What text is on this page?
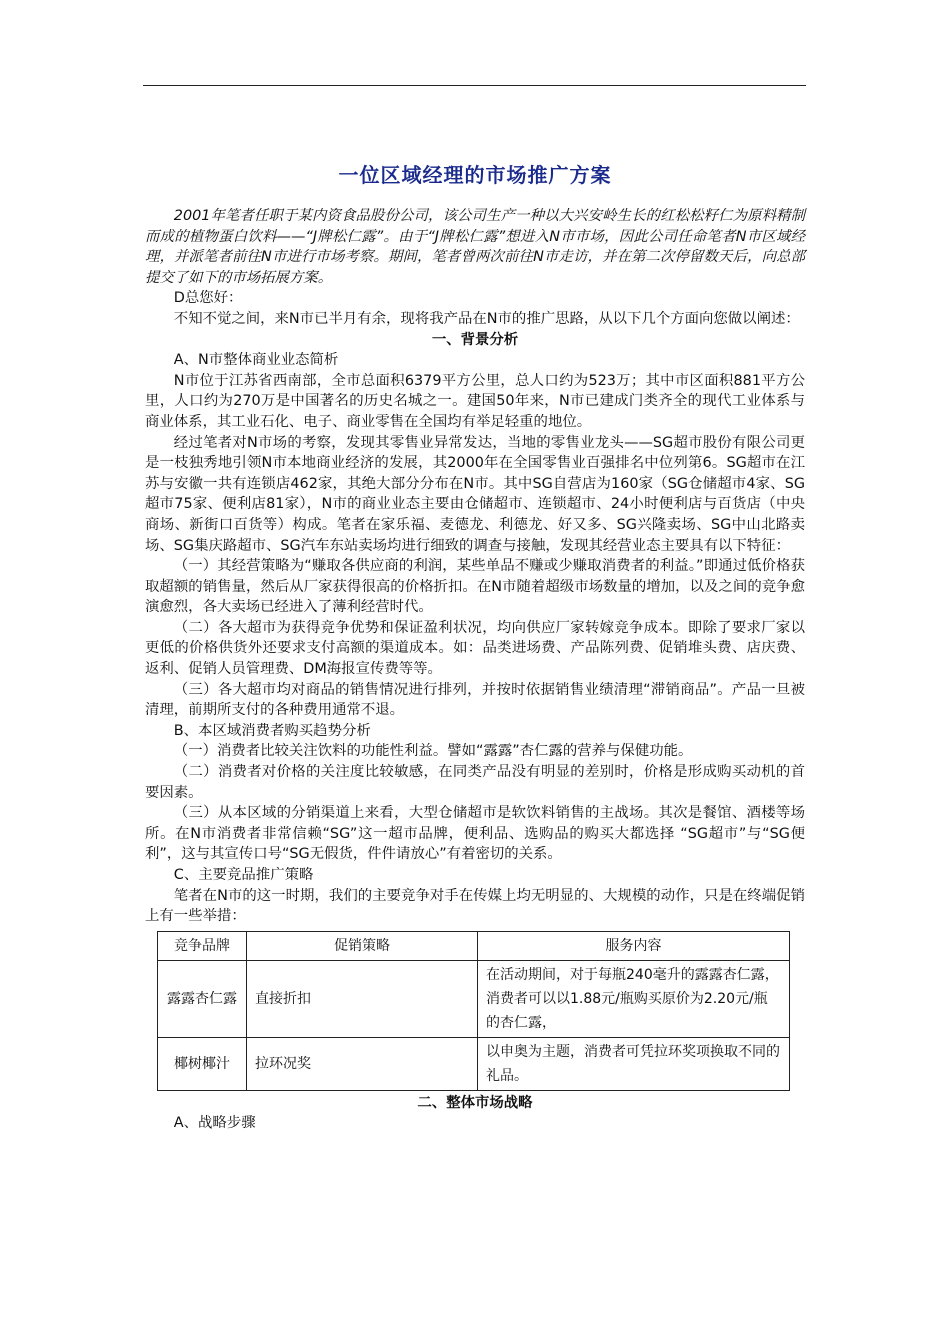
一位区域经理的市场推广方案

2001年笔者任职于某内资食品股份公司，该公司生产一种以大兴安岭生长的红松松籽仁为原料精制而成的植物蛋白饮料——“J牌松仁露”。由于“J牌松仁露”想进入N市市场，因此公司任命笔者N市区域经理，并派笔者前往N市进行市场考察。期间，笔者曾两次前往N市走访，并在第二次停留数天后，向总部提交了如下的市场拓展方案。

D总您好：

不知不觉之间，来N市已半月有余，现将我产品在N市的推广思路，从以下几个方面向您做以阐述：

一、背景分析

A、N市整体商业业态简析

N市位于江苏省西南部，全市总面积6379平方公里，总人口约为523万；其中市区面积881平方公里，人口约为270万是中国著名的历史名城之一。建国50年来，N市已建成门类齐全的现代工业体系与商业体系，其工业石化、电子、商业零售在全国均有举足轻重的地位。

经过笔者对N市场的考察，发现其零售业异常发达，当地的零售业龙头——SG超市股份有限公司更是一枝独秀地引领N市本地商业经济的发展，其2000年在全国零售业百强排名中位列第6。SG超市在江苏与安徽一共有连锁店462家，其绝大部分分布在N市。其中SG自营店为160家（SG仓储超市4家、SG超市75家、便利店81家），N市的商业业态主要由仓储超市、连锁超市、24小时便利店与百货店（中央商场、新街口百货等）构成。笔者在家乐福、麦德龙、利德龙、好又多、SG兴隆卖场、SG中山北路卖场、SG集庆路超市、SG汽车东站卖场均进行细致的调查与接触，发现其经营业态主要具有以下特征：

（一）其经营策略为“赚取各供应商的利润，某些单品不赚或少赚取消费者的利益。”即通过低价格获取超额的销售量，然后从厂家获得很高的价格折扣。在N市随着超级市场数量的增加，以及之间的竞争愈演愈烈，各大卖场已经进入了薄利经营时代。

（二）各大超市为获得竞争优势和保证盈利状况，均向供应厂家转嫁竞争成本。即除了要求厂家以更低的价格供货外还要求支付高额的渠道成本。如：品类进场费、产品陈列费、促销堆头费、店庆费、返利、促销人员管理费、DM海报宣传费等等。

（三）各大超市均对商品的销售情况进行排列，并按时依据销售业绩清理“滞销商品”。产品一旦被清理，前期所支付的各种费用通常不退。

B、本区域消费者购买趋势分析

（一）消费者比较关注饮料的功能性利益。譬如“露露”杏仁露的营养与保健功能。

（二）消费者对价格的关注度比较敏感，在同类产品没有明显的差别时，价格是形成购买动机的首要因素。

（三）从本区域的分销渠道上来看，大型仓储超市是软饮料销售的主战场。其次是餐馆、酒楼等场所。在N市消费者非常信赖“SG”这一超市品牌，便利品、选购品的购买大都选择 “SG超市”与“SG便利”，这与其宣传口号“SG无假货，件件请放心”有着密切的关系。

C、主要竞品推广策略

笔者在N市的这一时期，我们的主要竞争对手在传媒上均无明显的、大规模的动作，只是在终端促销上有一些举措：

竞争品牌	促销策略	服务内容
露露杏仁露	直接折扣	在活动期间，对于每瓶240毫升的露露杏仁露，消费者可以以1.88元/瓶购买原价为2.20元/瓶的杏仁露，
椰树椰汁	拉环况奖	以申奥为主题，消费者可凭拉环奖项换取不同的礼品。

二、整体市场战略

A、战略步骤
